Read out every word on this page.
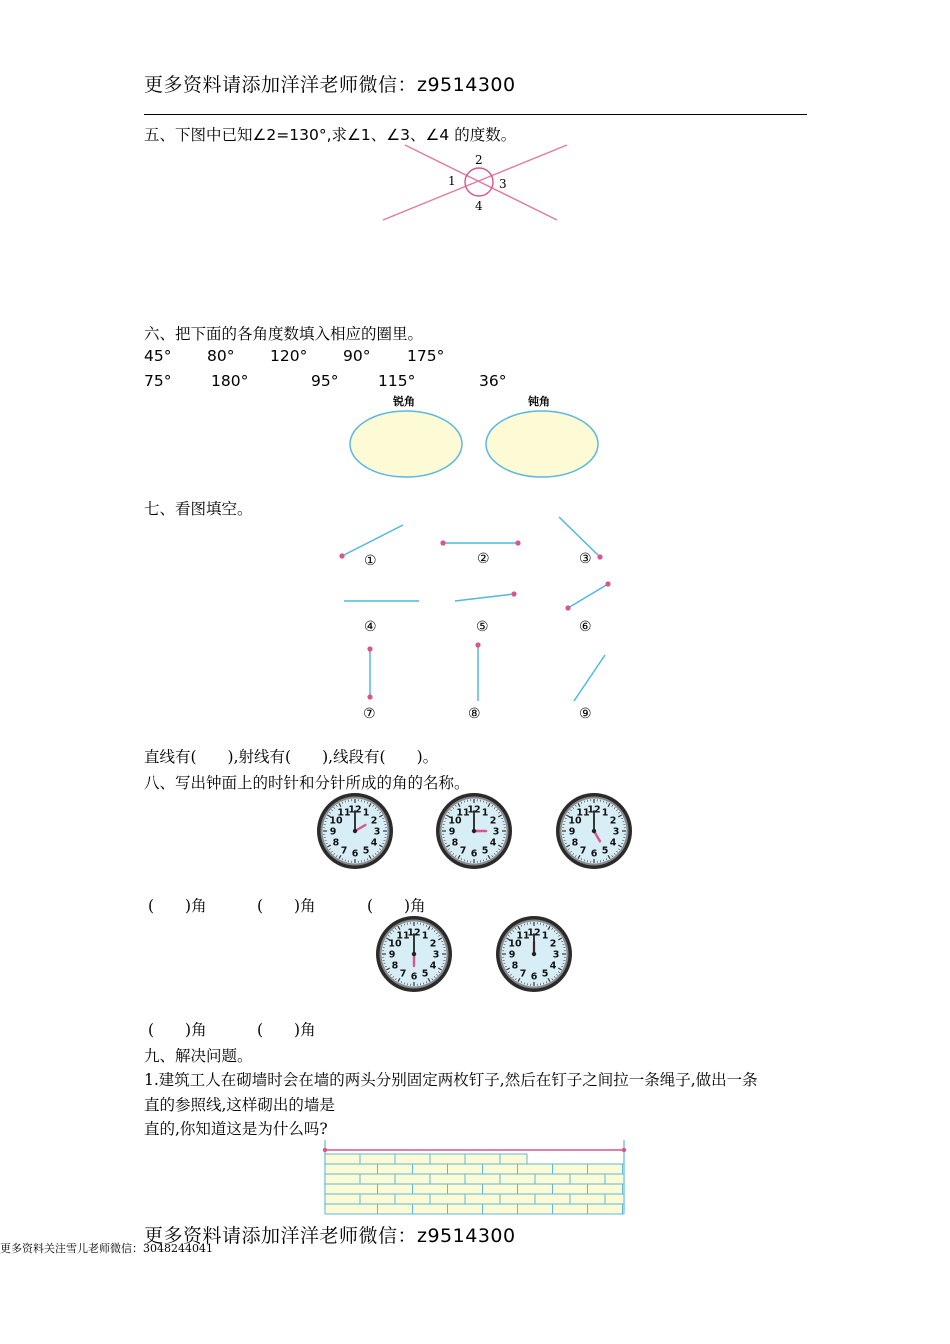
更多资料请添加洋洋老师微信：z9514300
五、下图中已知∠2=130°,求∠1、∠3、∠4 的度数。
1
2
3
4
六、把下面的各角度数填入相应的圈里。
45° 80° 120° 90° 175°
75°	180°	95°	115°	36°
锐角	钝角
七、看图填空。
①	②	③
④	⑤	⑥
⑦	⑧	⑨
直线有(　　),射线有(　　),线段有(　　)。
八、写出钟面上的时针和分针所成的角的名称。
12 1
2
3
4
5
6
7
8
9
10
11	12 1
2
3
4
5
6
7
8
9
10
11	12 1
2
3
4
5
6
7
8
9
10
11
12 1
2
3
4
5
6
7
8
9
10
11	12 1
2
3
4
5
6
7
8
9
10
11
(　　)角	(　　)角	(　　)角
(　　)角	(　　)角
九、解决问题。
1.建筑工人在砌墙时会在墙的两头分别固定两枚钉子,然后在钉子之间拉一条绳子,做出一条
直的参照线,这样砌出的墙是
直的,你知道这是为什么吗?
更多资料请添加洋洋老师微信：z9514300
更多资料关注雪儿老师微信：3048244041
